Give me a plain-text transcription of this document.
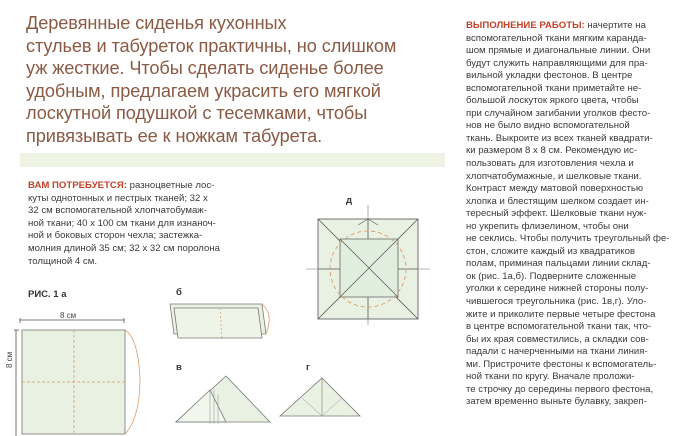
Деревянные сиденья кухонных
стульев и табуреток практичны, но слишком
уж жесткие. Чтобы сделать сиденье более
удобным, предлагаем украсить его мягкой
лоскутной подушкой с тесемками, чтобы
привязывать ее к ножкам табурета.
ВАМ ПОТРЕБУЕТСЯ: разноцветные лос-
куты однотонных и пестрых тканей; 32 х
32 см вспомогательной хлопчатобумаж-
ной ткани; 40 х 100 см ткани для изнаноч-
ной и боковых сторон чехла; застежка-
молния длиной 35 см; 32 х 32 см поролона
толщиной 4 см.
ВЫПОЛНЕНИЕ РАБОТЫ: начертите на
вспомогательной ткани мягким каранда-
шом прямые и диагональные линии. Они
будут служить направляющими для пра-
вильной укладки фестонов. В центре
вспомогательной ткани приметайте не-
большой лоскуток яркого цвета, чтобы
при случайном загибании уголков фесто-
нов не было видно вспомогательной
ткань. Выкроите из всех тканей квадрати-
ки размером 8 х 8 см. Рекомендую ис-
пользовать для изготовления чехла и
хлопчатобумажные, и шелковые ткани.
Контраст между матовой поверхностью
хлопка и блестящим шелком создает ин-
тересный эффект. Шелковые ткани нуж-
но укрепить флизелином, чтобы они
не секлись. Чтобы получить треугольный фе-
стон, сложите каждый из квадратиков
полам, приминая пальцами линии склад-
ок (рис. 1а,б). Подверните сложенные
уголки к середине нижней стороны полу-
чившегося треугольника (рис. 1в,г). Уло-
жите и приколите первые четыре фестона
в центре вспомогательной ткани так, что-
бы их края совместились, а складки сов-
падали с начерченными на ткани линия-
ми. Пристрочите фестоны к вспомогатель-
ной ткани по кругу. Вначале проложи-
те строчку до середины первого фестона,
затем временно выньте булавку, закреп-
РИС. 1 а	б
в	г
д
8 см
8 см
